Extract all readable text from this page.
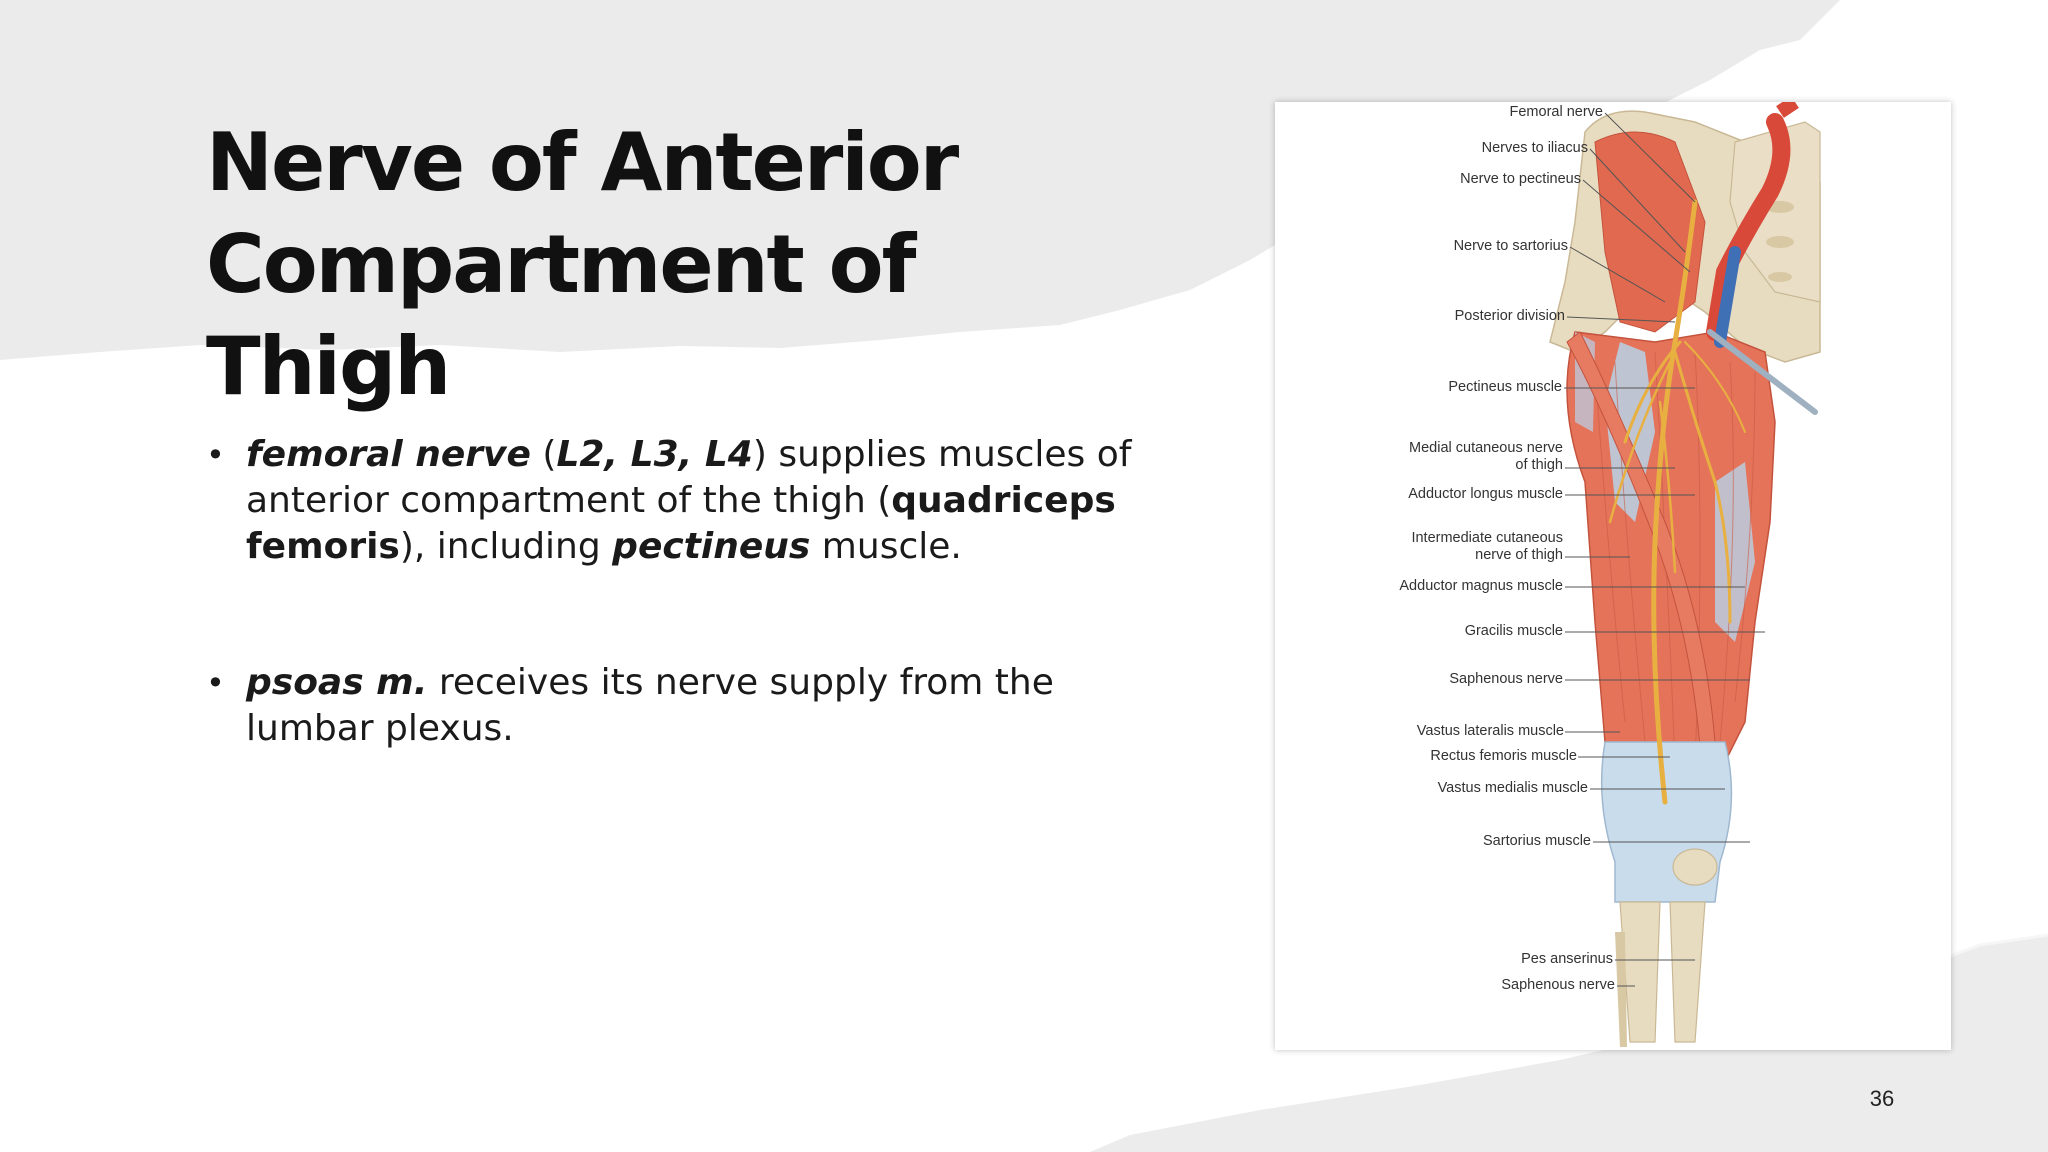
Nerve of Anterior
Compartment of Thigh
• femoral nerve (L2, L3, L4) supplies muscles of anterior compartment of the thigh (quadriceps femoris), including pectineus muscle.
• psoas m. receives its nerve supply from the lumbar plexus.
Femoral nerve
Nerves to iliacus
Nerve to pectineus
Nerve to sartorius
Posterior division
Pectineus muscle
Medial cutaneous nerve of thigh
Adductor longus muscle
Intermediate cutaneous nerve of thigh
Adductor magnus muscle
Gracilis muscle
Saphenous nerve
Vastus lateralis muscle
Rectus femoris muscle
Vastus medialis muscle
Sartorius muscle
Pes anserinus
Saphenous nerve
36
